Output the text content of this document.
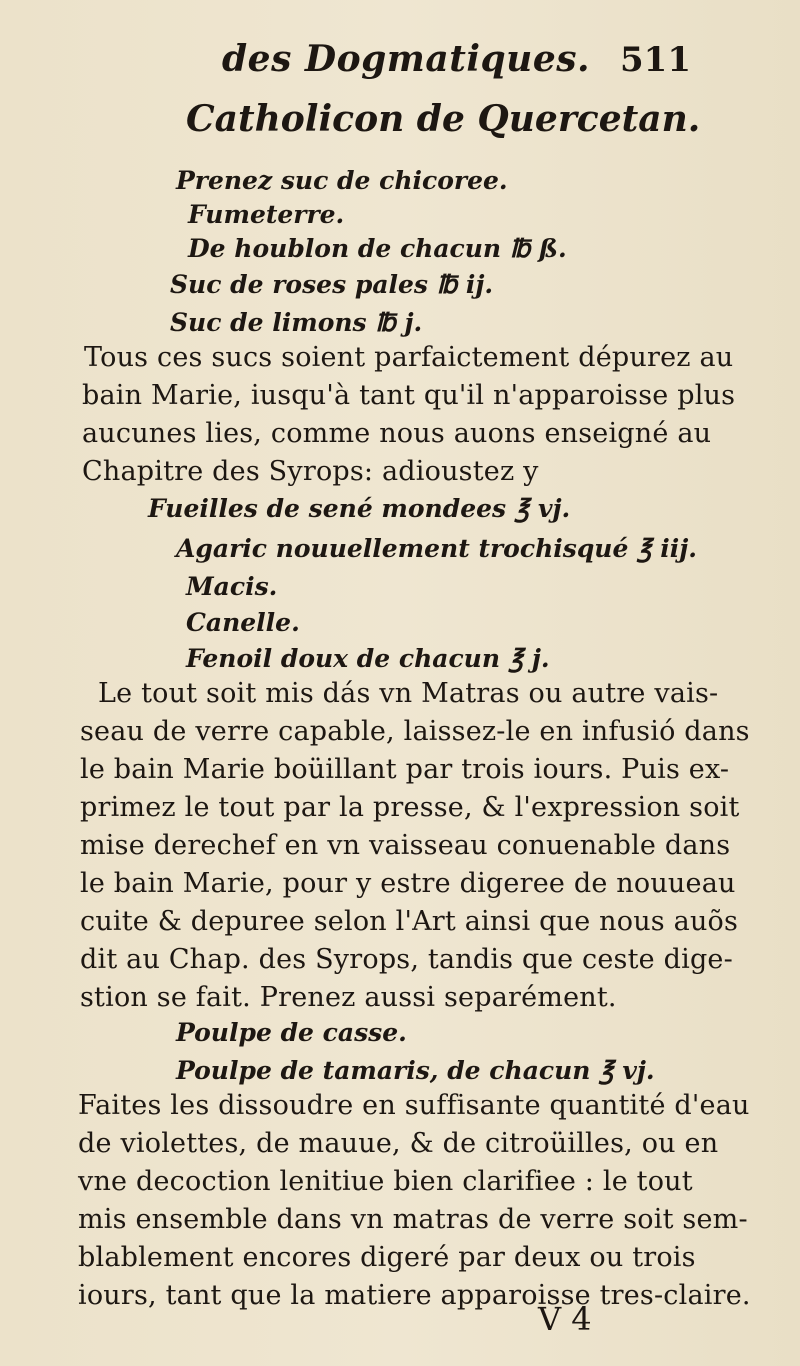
des Dogmatiques. 511
Catholicon de Quercetan.
Prenez suc de chicoree.
Fumeterre.
De houblon de chacun ℔ ß.
Suc de roses pales ℔ ij.
Suc de limons ℔ j.
Tous ces sucs soient parfaictement dépurez au
bain Marie, iusqu'à tant qu'il n'apparoisse plus
aucunes lies, comme nous auons enseigné au
Chapitre des Syrops: adioustez y
Fueilles de sené mondees ℥ vj.
Agaric nouuellement trochisqué ℥ iij.
Macis.
Canelle.
Fenoil doux de chacun ℥ j.
Le tout soit mis dás vn Matras ou autre vais-
seau de verre capable, laissez-le en infusió dans
le bain Marie boüillant par trois iours. Puis ex-
primez le tout par la presse, & l'expression soit
mise derechef en vn vaisseau conuenable dans
le bain Marie, pour y estre digeree de nouueau
cuite & depuree selon l'Art ainsi que nous auõs
dit au Chap. des Syrops, tandis que ceste dige-
stion se fait. Prenez aussi separément.
Poulpe de casse.
Poulpe de tamaris, de chacun ℥ vj.
Faites les dissoudre en suffisante quantité d'eau
de violettes, de mauue, & de citroüilles, ou en
vne decoction lenitiue bien clarifiee : le tout
mis ensemble dans vn matras de verre soit sem-
blablement encores digeré par deux ou trois
iours, tant que la matiere apparoisse tres-claire.
V 4
